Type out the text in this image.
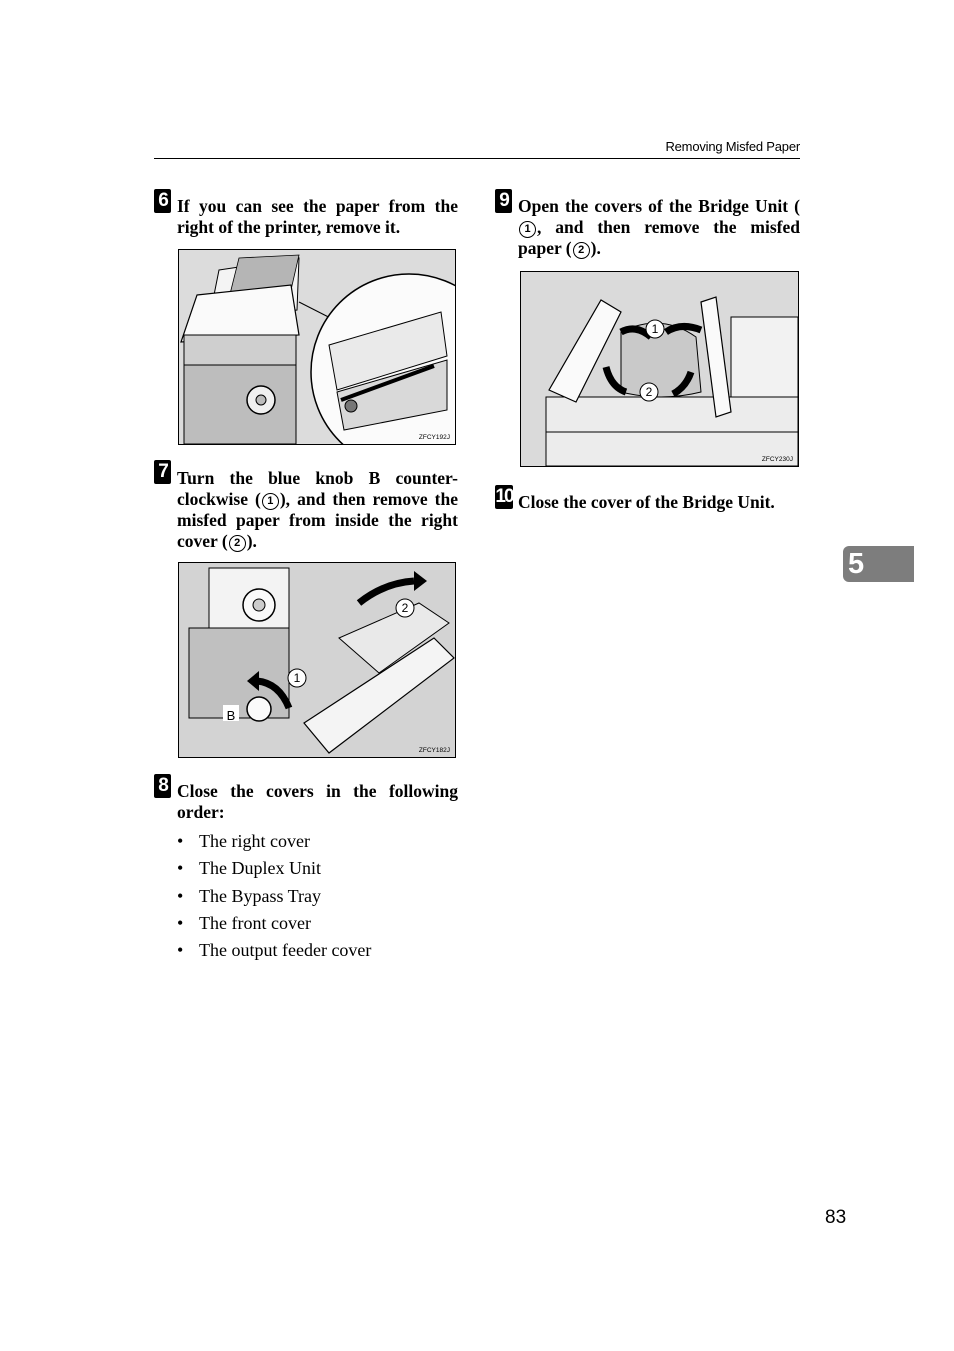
Removing Misfed Paper
6 If you can see the paper from the right of the printer, remove it.
ZFCY192J
7 Turn the blue knob B counter-clockwise ( 1 ), and then remove the misfed paper from inside the right cover ( 2 ).
2
1
B
ZFCY182J
8 Close the covers in the following order:
• The right cover
• The Duplex Unit
• The Bypass Tray
• The front cover
• The output feeder cover
9 Open the covers of the Bridge Unit (1 , and then remove the misfed paper ( 2 ).
1
2
ZFCY230J
10 Close the cover of the Bridge Unit.
5
83
